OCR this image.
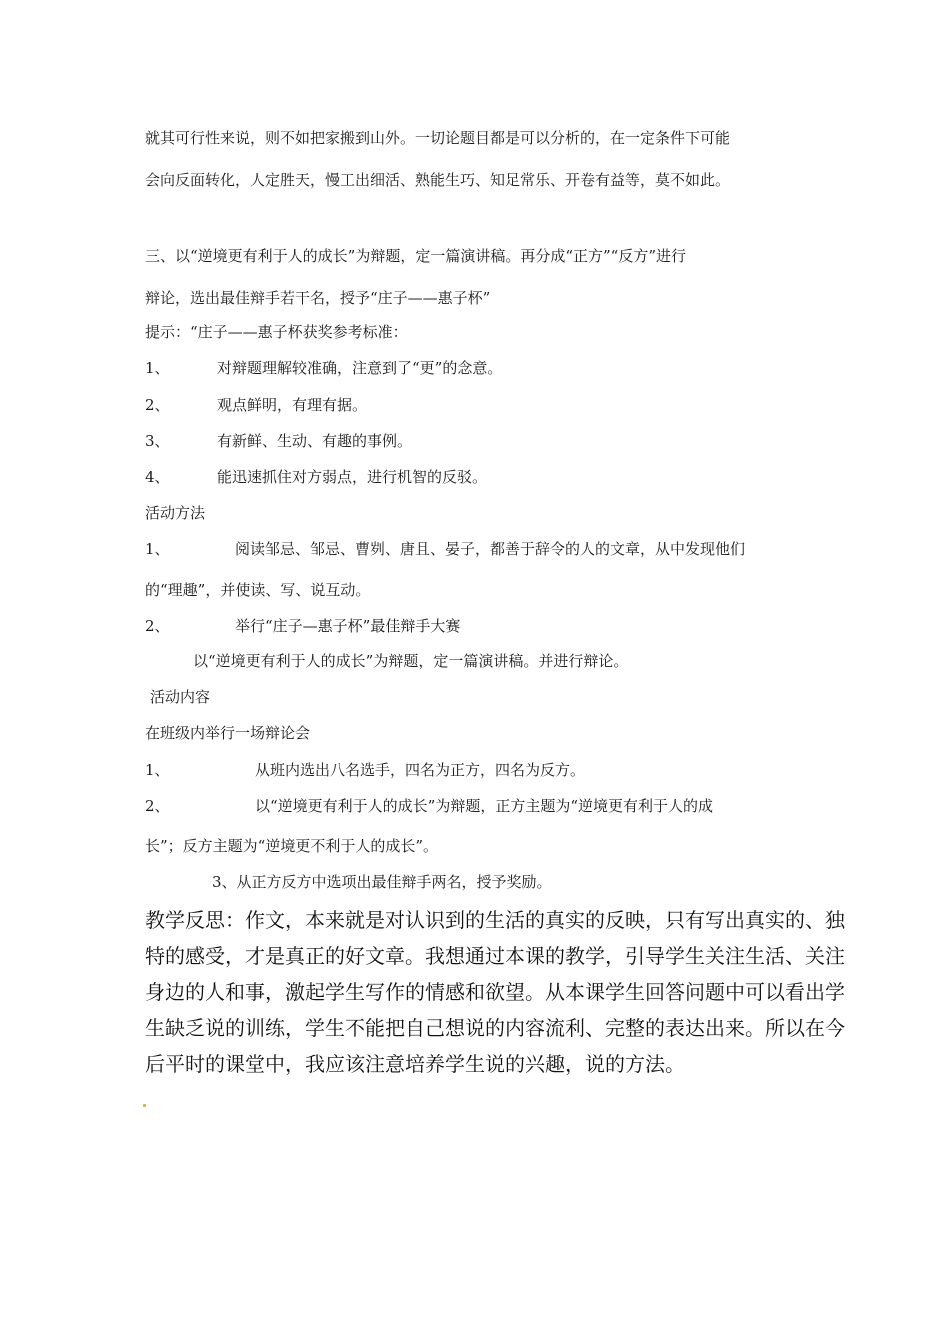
就其可行性来说，则不如把家搬到山外。一切论题目都是可以分析的，在一定条件下可能
会向反面转化，人定胜天，慢工出细活、熟能生巧、知足常乐、开卷有益等，莫不如此。
三、以“逆境更有利于人的成长”为辩题，定一篇演讲稿。再分成“正方”“反方”进行
辩论，选出最佳辩手若干名，授予“庄子——惠子杯”
提示：“庄子——惠子杯获奖参考标准：
1、	对辩题理解较准确，注意到了“更”的念意。
2、	观点鲜明，有理有据。
3、	有新鲜、生动、有趣的事例。
4、	能迅速抓住对方弱点，进行机智的反驳。
活动方法
1、	阅读邹忌、邹忌、曹刿、唐且、晏子，都善于辞令的人的文章，从中发现他们
的“理趣”，并使读、写、说互动。
2、	举行“庄子—惠子杯”最佳辩手大赛
以“逆境更有利于人的成长”为辩题，定一篇演讲稿。并进行辩论。
活动内容
在班级内举行一场辩论会
1、	从班内选出八名选手，四名为正方，四名为反方。
2、	以“逆境更有利于人的成长”为辩题，正方主题为“逆境更有利于人的成
长”；反方主题为“逆境更不利于人的成长”。
3、从正方反方中选项出最佳辩手两名，授予奖励。
教学反思：作文，本来就是对认识到的生活的真实的反映，只有写出真实的、独
特的感受，才是真正的好文章。我想通过本课的教学，引导学生关注生活、关注
身边的人和事，激起学生写作的情感和欲望。从本课学生回答问题中可以看出学
生缺乏说的训练，学生不能把自己想说的内容流利、完整的表达出来。所以在今
后平时的课堂中，我应该注意培养学生说的兴趣，说的方法。
